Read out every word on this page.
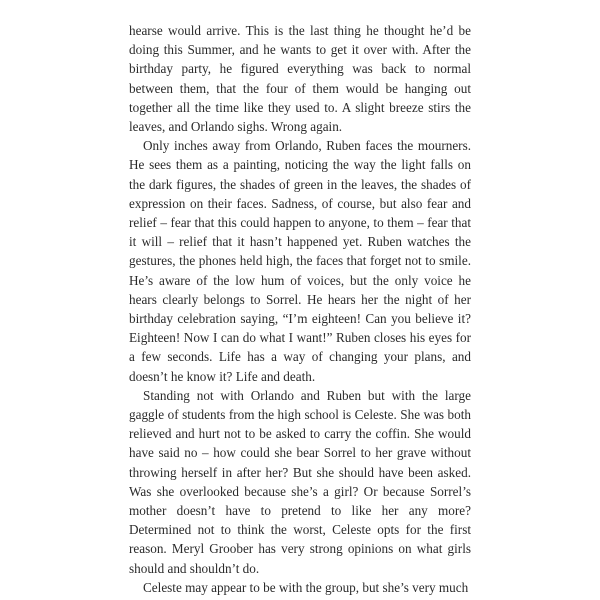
hearse would arrive. This is the last thing he thought he’d be doing this Summer, and he wants to get it over with. After the birthday party, he figured everything was back to normal between them, that the four of them would be hanging out together all the time like they used to. A slight breeze stirs the leaves, and Orlando sighs. Wrong again.

Only inches away from Orlando, Ruben faces the mourners. He sees them as a painting, noticing the way the light falls on the dark figures, the shades of green in the leaves, the shades of expression on their faces. Sadness, of course, but also fear and relief – fear that this could happen to anyone, to them – fear that it will – relief that it hasn’t happened yet. Ruben watches the gestures, the phones held high, the faces that forget not to smile. He’s aware of the low hum of voices, but the only voice he hears clearly belongs to Sorrel. He hears her the night of her birthday celebration saying, “I’m eighteen! Can you believe it? Eighteen! Now I can do what I want!” Ruben closes his eyes for a few seconds. Life has a way of changing your plans, and doesn’t he know it? Life and death.

Standing not with Orlando and Ruben but with the large gaggle of students from the high school is Celeste. She was both relieved and hurt not to be asked to carry the coffin. She would have said no – how could she bear Sorrel to her grave without throwing herself in after her? But she should have been asked. Was she overlooked because she’s a girl? Or because Sorrel’s mother doesn’t have to pretend to like her any more? Determined not to think the worst, Celeste opts for the first reason. Meryl Groober has very strong opinions on what girls should and shouldn’t do.

Celeste may appear to be with the group, but she’s very much
